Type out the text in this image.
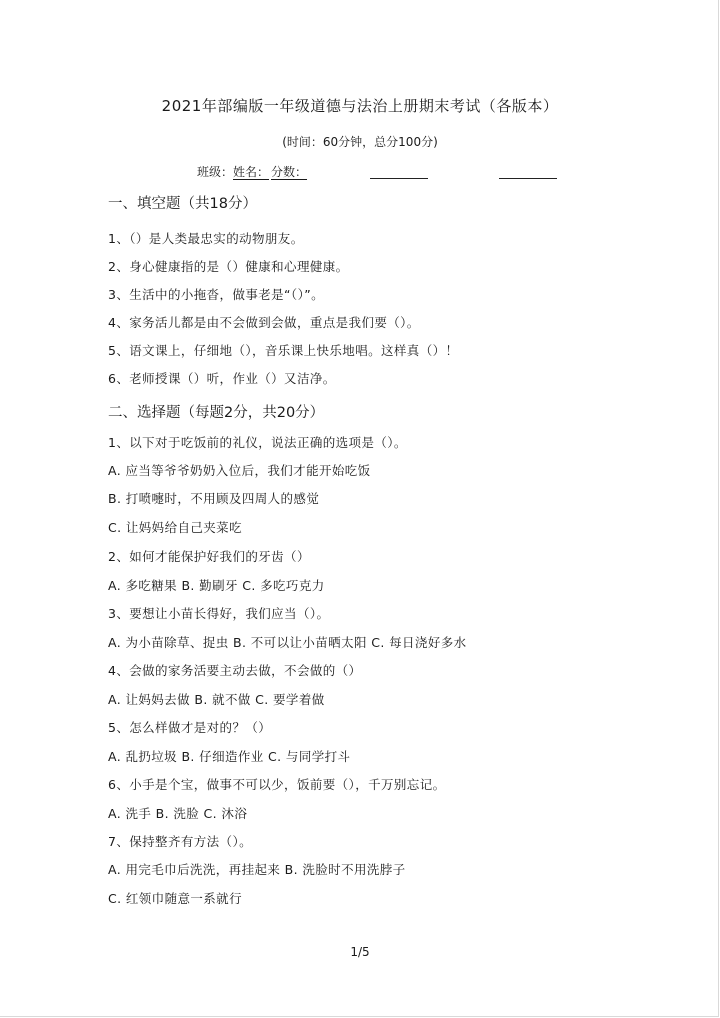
2021年部编版一年级道德与法治上册期末考试（各版本）
(时间：60分钟，总分100分)
班级： 姓名： 分数：
一、填空题（共18分）
1、（）是人类最忠实的动物朋友。
2、身心健康指的是（）健康和心理健康。
3、生活中的小拖沓，做事老是“（）”。
4、家务活儿都是由不会做到会做，重点是我们要（）。
5、语文课上，仔细地（），音乐课上快乐地唱。这样真（）！
6、老师授课（）听，作业（）又洁净。
二、选择题（每题2分，共20分）
1、以下对于吃饭前的礼仪，说法正确的选项是（）。
A. 应当等爷爷奶奶入位后，我们才能开始吃饭
B. 打喷嚏时，不用顾及四周人的感觉
C. 让妈妈给自己夹菜吃
2、如何才能保护好我们的牙齿（）
A. 多吃糖果 B. 勤刷牙 C. 多吃巧克力
3、要想让小苗长得好，我们应当（）。
A. 为小苗除草、捉虫 B. 不可以让小苗晒太阳 C. 每日浇好多水
4、会做的家务活要主动去做，不会做的（）
A. 让妈妈去做 B. 就不做 C. 要学着做
5、怎么样做才是对的？（）
A. 乱扔垃圾 B. 仔细造作业 C. 与同学打斗
6、小手是个宝，做事不可以少，饭前要（），千万别忘记。
A. 洗手 B. 洗脸 C. 沐浴
7、保持整齐有方法（）。
A. 用完毛巾后洗洗，再挂起来 B. 洗脸时不用洗脖子
C. 红领巾随意一系就行
1/5
